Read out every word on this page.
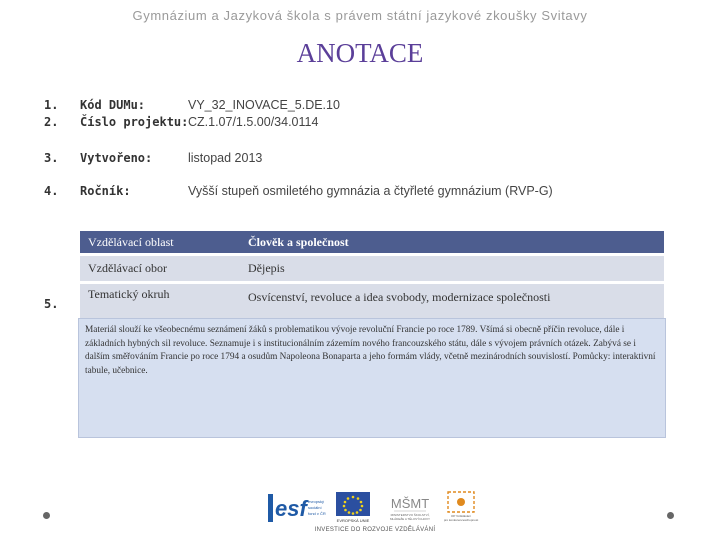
Gymnázium a Jazyková škola s právem státní jazykové zkoušky Svitavy
ANOTACE
1. Kód DUMu:	VY_32_INOVACE_5.DE.10
2. Číslo projektu: CZ.1.07/1.5.00/34.0114
3. Vytvořeno:	listopad 2013
4. Ročník:	Vyšší stupeň osmiletého gymnázia a čtyřleté gymnázium (RVP-G)
5.
Vzdělávací oblast	Člověk a společnost
Vzdělávací obor	Dějepis
Tematický okruh	Osvícenství, revoluce a idea svobody, modernizace společnosti
Materiál slouží ke všeobecnému seznámení žáků s problematikou vývoje revoluční Francie po roce 1789. Všímá si obecně příčin revoluce, dále i základních hybných sil revoluce. Seznamuje i s institucionálním zázemím nového francouzského státu, dále s vývojem právních otázek. Zabývá se i dalším směřováním Francie po roce 1794 a osudům Napoleona Bonaparta a jeho formám vlády, včetně mezinárodních souvislostí. Pomůcky: interaktivní tabule, učebnice.
esf evropský
sociální
fond v ČR
EVROPSKÁ UNIE
MŠMT
MINISTERSTVO ŠKOLSTVÍ,
MLÁDEŽE A TĚLOVÝCHOVY
OP Vzdělávání
pro konkurenceschopnost
INVESTICE DO ROZVOJE VZDĚLÁVÁNÍ
